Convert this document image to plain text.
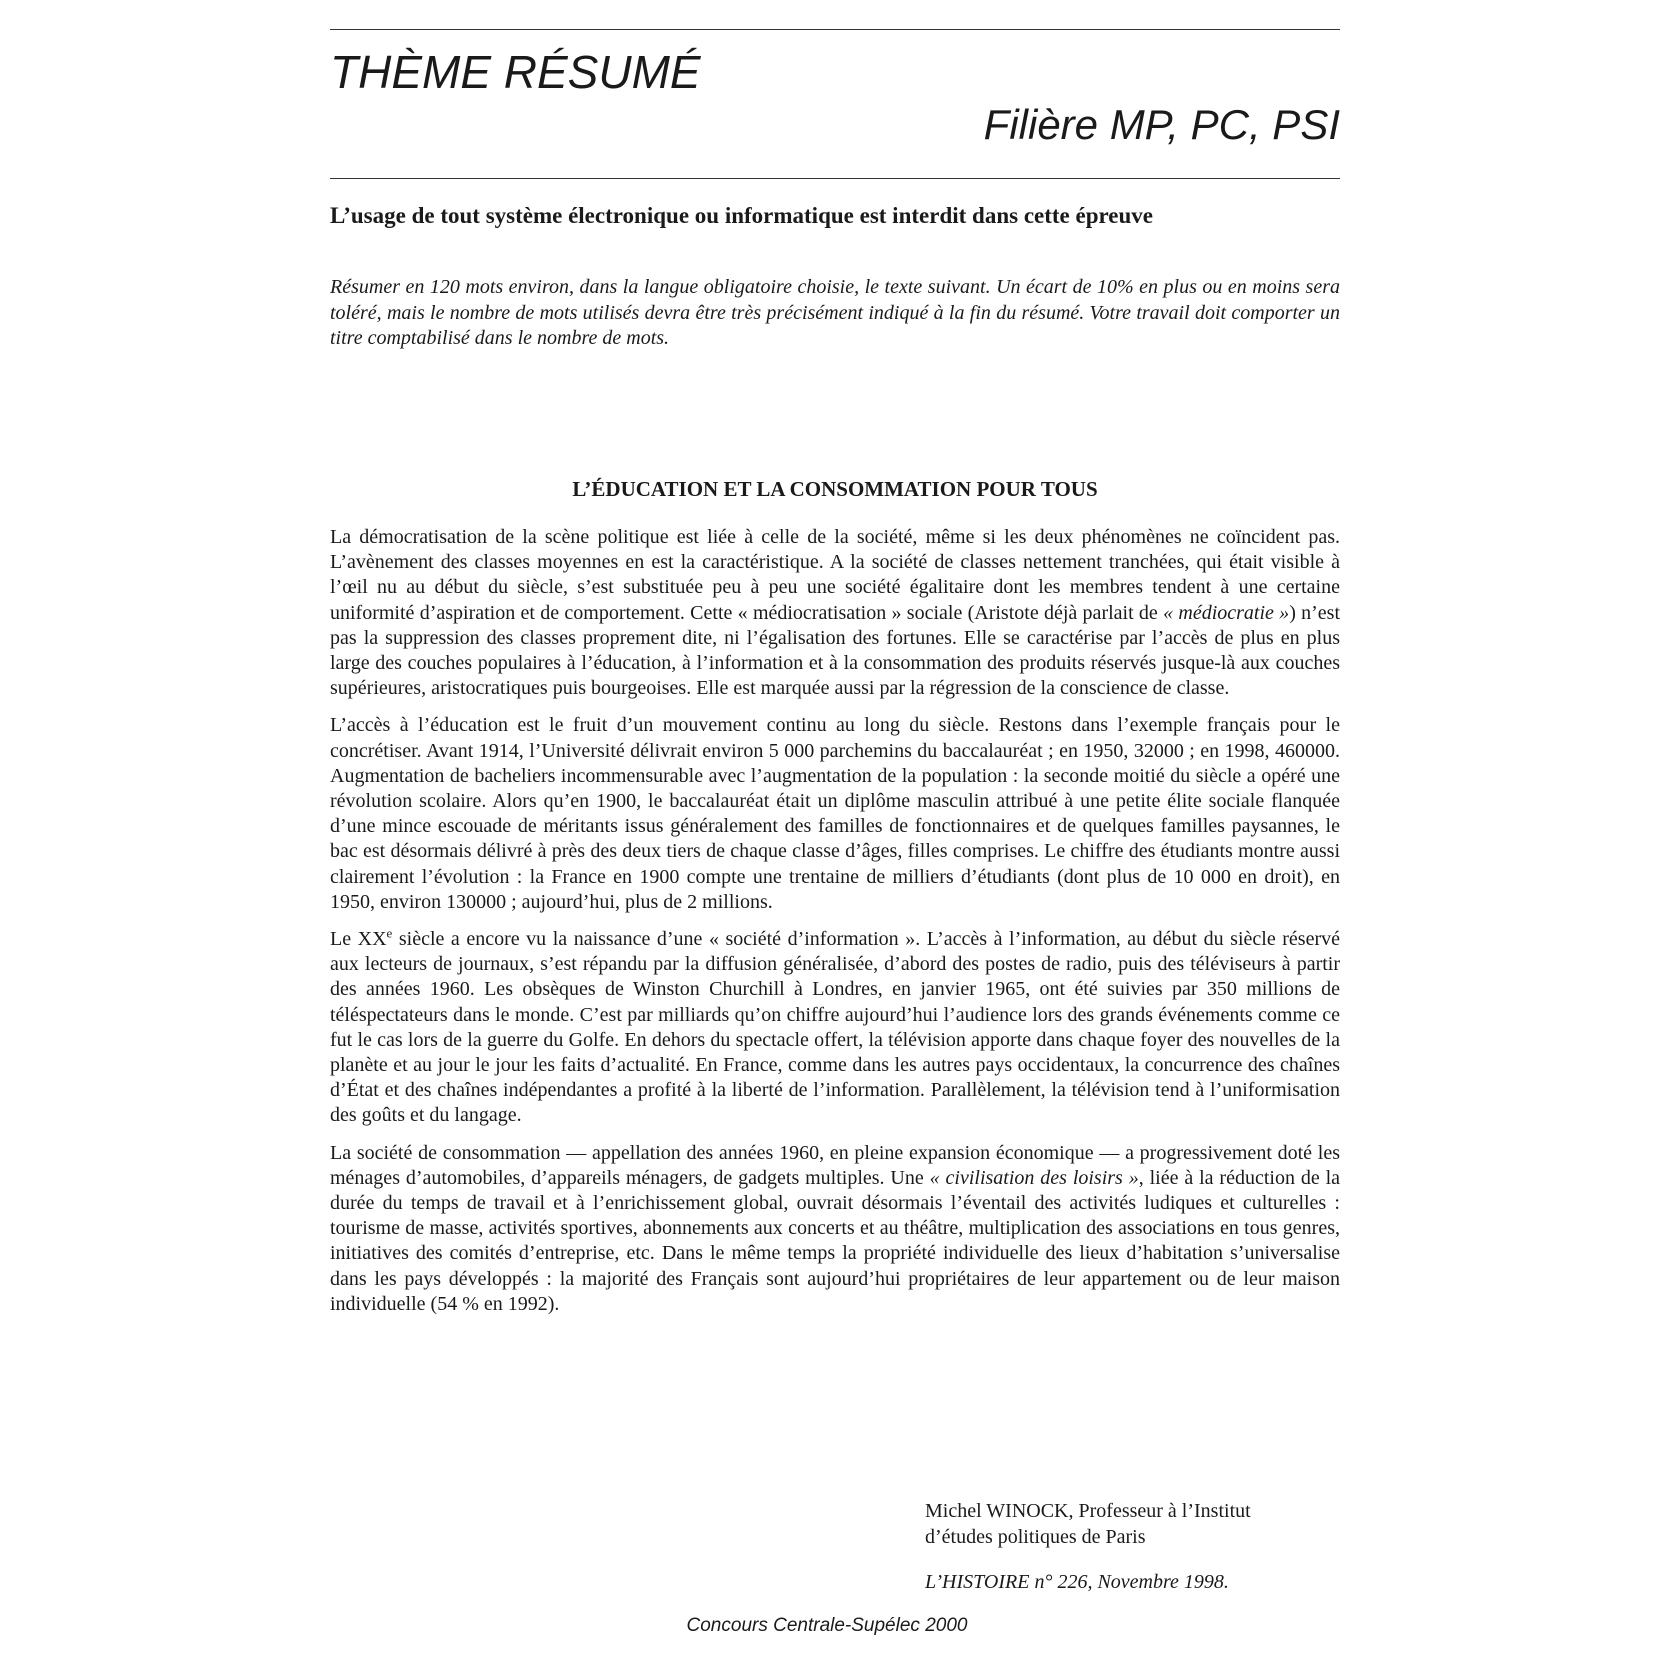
THÈME RÉSUMÉ
Filière MP, PC, PSI

L’usage de tout système électronique ou informatique est interdit dans cette épreuve

Résumer en 120 mots environ, dans la langue obligatoire choisie, le texte suivant. Un écart de 10% en plus ou en moins sera toléré, mais le nombre de mots utilisés devra être très précisément indiqué à la fin du résumé. Votre travail doit comporter un titre comptabilisé dans le nombre de mots.

L’ÉDUCATION ET LA CONSOMMATION POUR TOUS

La démocratisation de la scène politique est liée à celle de la société, même si les deux phénomènes ne coïncident pas. L’avènement des classes moyennes en est la caractéristique. A la société de classes nettement tranchées, qui était visible à l’œil nu au début du siècle, s’est substituée peu à peu une société égalitaire dont les membres tendent à une certaine uniformité d’aspiration et de comportement. Cette « médiocratisation » sociale (Aristote déjà parlait de « médiocratie ») n’est pas la suppression des classes proprement dite, ni l’égalisation des fortunes. Elle se caractérise par l’accès de plus en plus large des couches populaires à l’éducation, à l’information et à la consommation des produits réservés jusque-là aux couches supérieures, aristocratiques puis bourgeoises. Elle est marquée aussi par la régression de la conscience de classe.

L’accès à l’éducation est le fruit d’un mouvement continu au long du siècle. Restons dans l’exemple français pour le concrétiser. Avant 1914, l’Université délivrait environ 5 000 parchemins du baccalauréat ; en 1950, 32000 ; en 1998, 460000. Augmentation de bacheliers incommensurable avec l’augmentation de la population : la seconde moitié du siècle a opéré une révolution scolaire. Alors qu’en 1900, le baccalauréat était un diplôme masculin attribué à une petite élite sociale flanquée d’une mince escouade de méritants issus généralement des familles de fonctionnaires et de quelques familles paysannes, le bac est désormais délivré à près des deux tiers de chaque classe d’âges, filles comprises. Le chiffre des étudiants montre aussi clairement l’évolution : la France en 1900 compte une trentaine de milliers d’étudiants (dont plus de 10 000 en droit), en 1950, environ 130000 ; aujourd’hui, plus de 2 millions.

Le XXe siècle a encore vu la naissance d’une « société d’information ». L’accès à l’information, au début du siècle réservé aux lecteurs de journaux, s’est répandu par la diffusion généralisée, d’abord des postes de radio, puis des téléviseurs à partir des années 1960. Les obsèques de Winston Churchill à Londres, en janvier 1965, ont été suivies par 350 millions de téléspectateurs dans le monde. C’est par milliards qu’on chiffre aujourd’hui l’audience lors des grands événements comme ce fut le cas lors de la guerre du Golfe. En dehors du spectacle offert, la télévision apporte dans chaque foyer des nouvelles de la planète et au jour le jour les faits d’actualité. En France, comme dans les autres pays occidentaux, la concurrence des chaînes d’État et des chaînes indépendantes a profité à la liberté de l’information. Parallèlement, la télévision tend à l’uniformisation des goûts et du langage.

La société de consommation — appellation des années 1960, en pleine expansion économique — a progressivement doté les ménages d’automobiles, d’appareils ménagers, de gadgets multiples. Une « civilisation des loisirs », liée à la réduction de la durée du temps de travail et à l’enrichissement global, ouvrait désormais l’éventail des activités ludiques et culturelles : tourisme de masse, activités sportives, abonnements aux concerts et au théâtre, multiplication des associations en tous genres, initiatives des comités d’entreprise, etc. Dans le même temps la propriété individuelle des lieux d’habitation s’universalise dans les pays développés : la majorité des Français sont aujourd’hui propriétaires de leur appartement ou de leur maison individuelle (54 % en 1992).

Michel WINOCK, Professeur à l’Institut

d’études politiques de Paris

L’HISTOIRE n° 226, Novembre 1998.

Concours Centrale-Supélec 2000
